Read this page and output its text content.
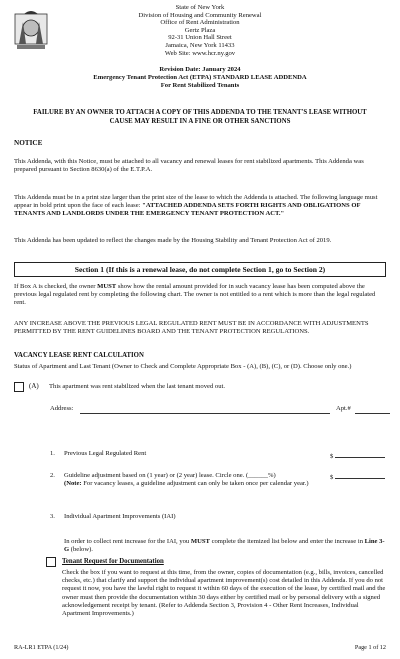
State of New York
Division of Housing and Community Renewal
Office of Rent Administration
Gertz Plaza
92-31 Union Hall Street
Jamaica, New York 11433
Web Site: www.hcr.ny.gov
Revision Date: January 2024
Emergency Tenant Protection Act (ETPA) STANDARD LEASE ADDENDA
For Rent Stabilized Tenants
FAILURE BY AN OWNER TO ATTACH A COPY OF THIS ADDENDA TO THE TENANT'S LEASE WITHOUT CAUSE MAY RESULT IN A FINE OR OTHER SANCTIONS
NOTICE
This Addenda, with this Notice, must be attached to all vacancy and renewal leases for rent stabilized apartments. This Addenda was prepared pursuant to Section 8630(a) of the E.T.P.A.
This Addenda must be in a print size larger than the print size of the lease to which the Addenda is attached. The following language must appear in bold print upon the face of each lease: "ATTACHED ADDENDA SETS FORTH RIGHTS AND OBLIGATIONS OF TENANTS AND LANDLORDS UNDER THE EMERGENCY TENANT PROTECTION ACT."
This Addenda has been updated to reflect the changes made by the Housing Stability and Tenant Protection Act of 2019.
Section 1 (If this is a renewal lease, do not complete Section 1, go to Section 2)
If Box A is checked, the owner MUST show how the rental amount provided for in such vacancy lease has been computed above the previous legal regulated rent by completing the following chart. The owner is not entitled to a rent which is more than the legal regulated rent.
ANY INCREASE ABOVE THE PREVIOUS LEGAL REGULATED RENT MUST BE IN ACCORDANCE WITH ADJUSTMENTS PERMITTED BY THE RENT GUIDELINES BOARD AND THE TENANT PROTECTION REGULATIONS.
VACANCY LEASE RENT CALCULATION
Status of Apartment and Last Tenant (Owner to Check and Complete Appropriate Box - (A), (B), (C), or (D). Choose only one.)
(A) This apartment was rent stabilized when the last tenant moved out.
Address:	Apt.#
1. Previous Legal Regulated Rent	$
2. Guideline adjustment based on (1 year) or (2 year) lease. Circle one. (______%)
(Note: For vacancy leases, a guideline adjustment can only be taken once per calendar year.)
$
3. Individual Apartment Improvements (IAI)
In order to collect rent increase for the IAI, you MUST complete the itemized list below and enter the increase in Line 3-G (below).
Tenant Request for Documentation
Check the box if you want to request at this time, from the owner, copies of documentation (e.g., bills, invoices, cancelled checks, etc.) that clarify and support the individual apartment improvement(s) cost detailed in this Addenda. If you do not request it now, you have the lawful right to request it within 60 days of the execution of the lease, by certified mail and the owner must then provide the documentation within 30 days either by certified mail or by personal delivery with a signed acknowledgement receipt by tenant. (Refer to Addenda Section 3, Provision 4 - Other Rent Increases, Individual Apartment Improvements.)
RA-LR1 ETPA (1/24)	Page 1 of 12
